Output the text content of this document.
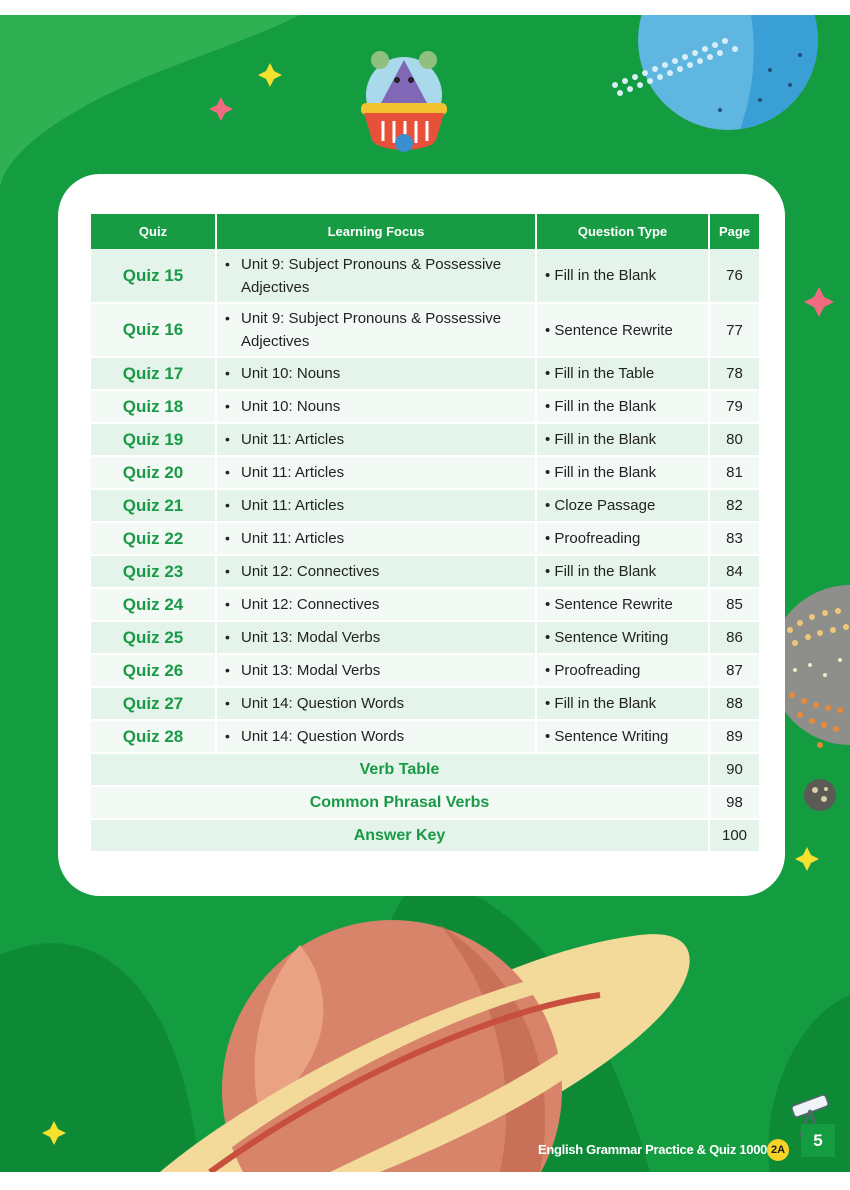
Quiz	Learning Focus	Question Type	Page
Quiz 15	• Unit 9: Subject Pronouns & Possessive
Adjectives	• Fill in the Blank	76
Quiz 16	• Unit 9: Subject Pronouns & Possessive
Adjectives	• Sentence Rewrite	77
Quiz 17	• Unit 10: Nouns	• Fill in the Table	78
Quiz 18	• Unit 10: Nouns	• Fill in the Blank	79
Quiz 19	• Unit 11: Articles	• Fill in the Blank	80
Quiz 20	• Unit 11: Articles	• Fill in the Blank	81
Quiz 21	• Unit 11: Articles	• Cloze Passage	82
Quiz 22	• Unit 11: Articles	• Proofreading	83
Quiz 23	• Unit 12: Connectives	• Fill in the Blank	84
Quiz 24	• Unit 12: Connectives	• Sentence Rewrite	85
Quiz 25	• Unit 13: Modal Verbs	• Sentence Writing	86
Quiz 26	• Unit 13: Modal Verbs	• Proofreading	87
Quiz 27	• Unit 14: Question Words	• Fill in the Blank	88
Quiz 28	• Unit 14: Question Words	• Sentence Writing	89
Verb Table			90
Common Phrasal Verbs			98
Answer Key			100
English Grammar Practice & Quiz 1000 2A	5
